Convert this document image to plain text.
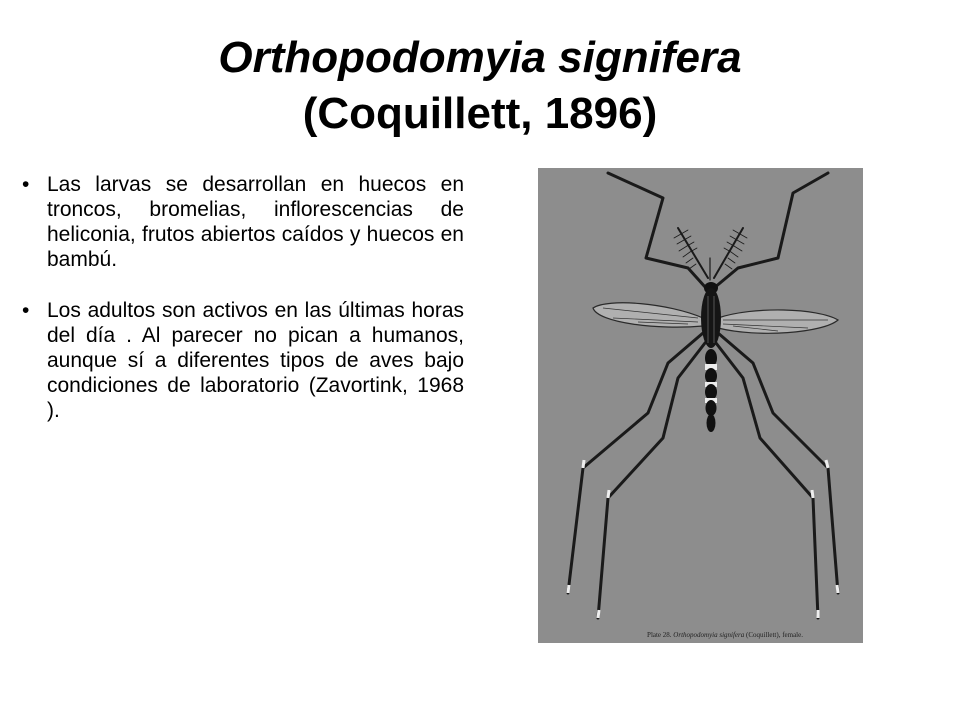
Orthopodomyia signifera
(Coquillett, 1896)
• Las larvas se desarrollan en huecos en troncos, bromelias, inflorescencias de heliconia, frutos abiertos caídos y huecos en bambú.
• Los adultos son activos en las últimas horas del día . Al parecer no pican a humanos, aunque sí a diferentes tipos de aves bajo condiciones de laboratorio (Zavortink, 1968 ).
Plate 28. Orthopodomyia signifera (Coquillett), female.
